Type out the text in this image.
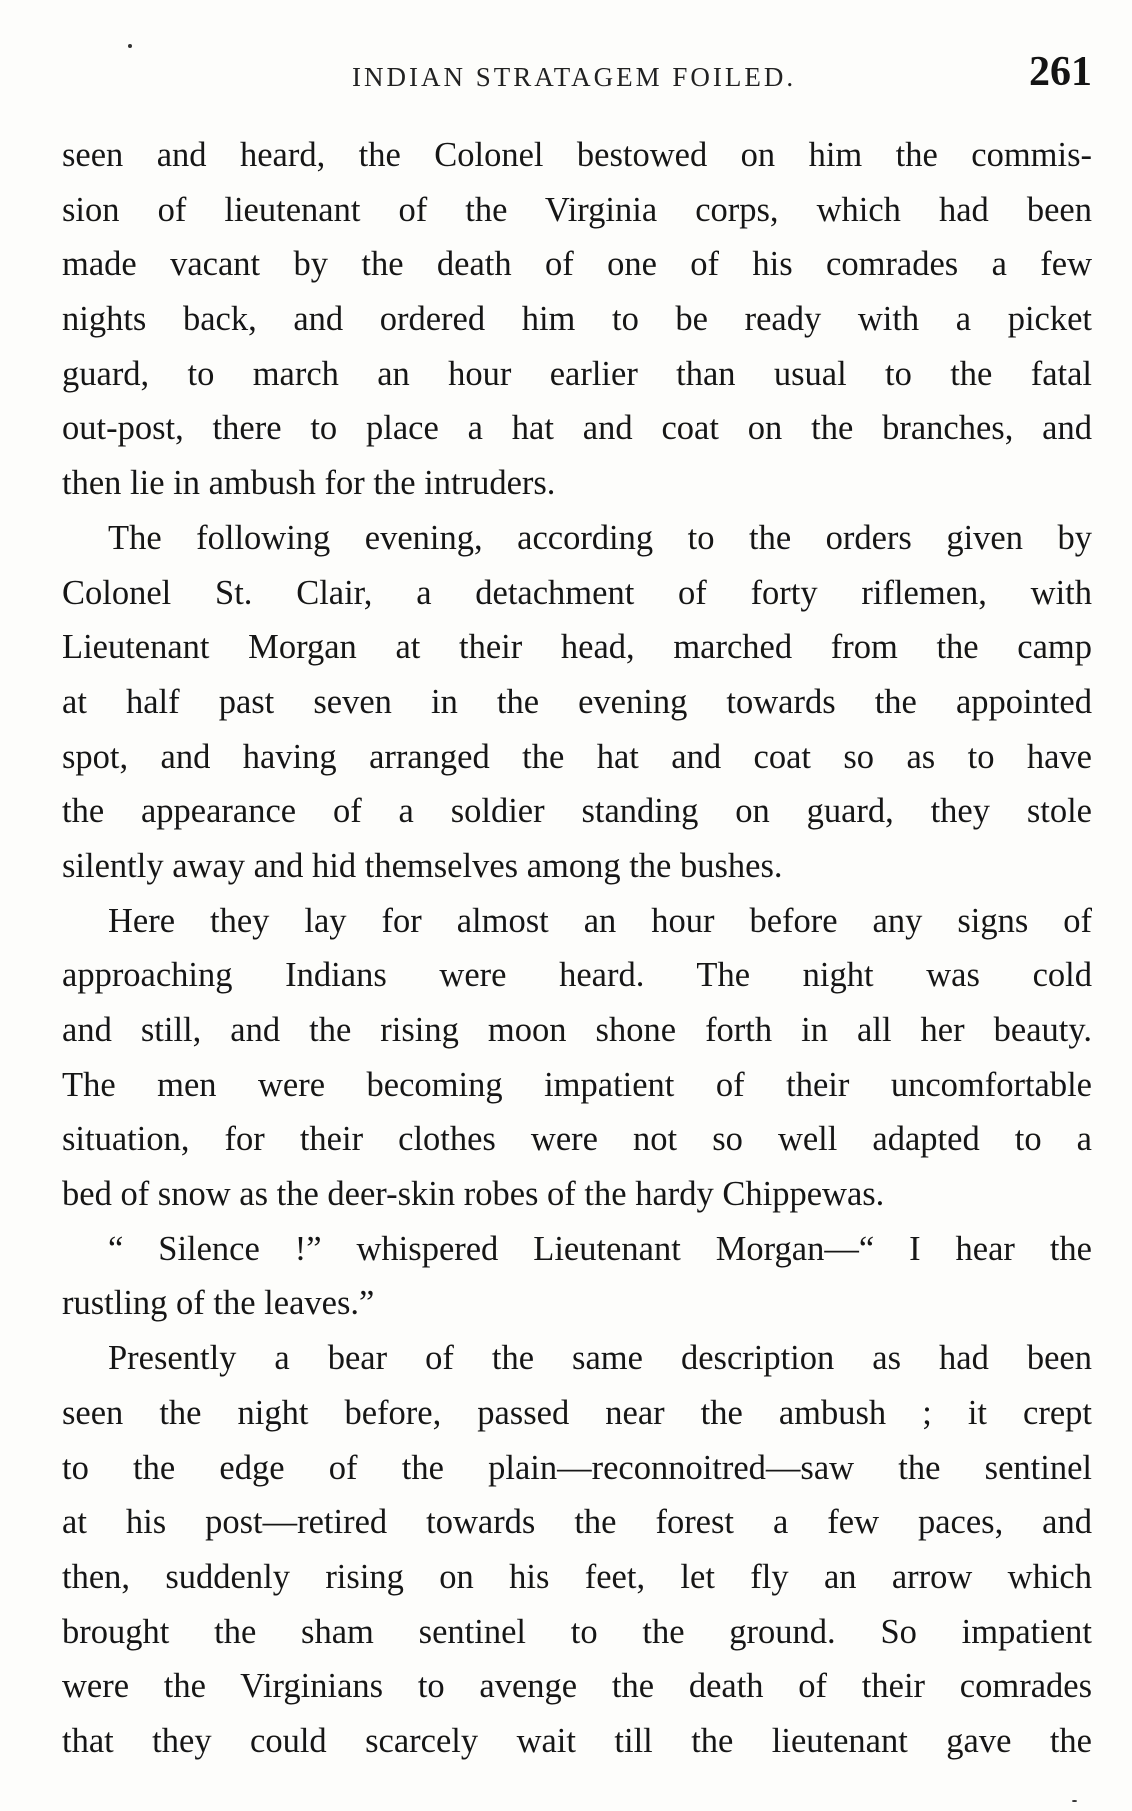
INDIAN STRATAGEM FOILED.	261
seen and heard, the Colonel bestowed on him the commis-
sion of lieutenant of the Virginia corps, which had been
made vacant by the death of one of his comrades a few
nights back, and ordered him to be ready with a picket
guard, to march an hour earlier than usual to the fatal
out-post, there to place a hat and coat on the branches, and
then lie in ambush for the intruders.
The following evening, according to the orders given by
Colonel St. Clair, a detachment of forty riflemen, with
Lieutenant Morgan at their head, marched from the camp
at half past seven in the evening towards the appointed
spot, and having arranged the hat and coat so as to have
the appearance of a soldier standing on guard, they stole
silently away and hid themselves among the bushes.
Here they lay for almost an hour before any signs of
approaching Indians were heard. The night was cold
and still, and the rising moon shone forth in all her beauty.
The men were becoming impatient of their uncomfortable
situation, for their clothes were not so well adapted to a
bed of snow as the deer-skin robes of the hardy Chippewas.
“ Silence !” whispered Lieutenant Morgan—“ I hear the
rustling of the leaves.”
Presently a bear of the same description as had been
seen the night before, passed near the ambush ; it crept
to the edge of the plain—reconnoitred—saw the sentinel
at his post—retired towards the forest a few paces, and
then, suddenly rising on his feet, let fly an arrow which
brought the sham sentinel to the ground. So impatient
were the Virginians to avenge the death of their comrades
that they could scarcely wait till the lieutenant gave the
